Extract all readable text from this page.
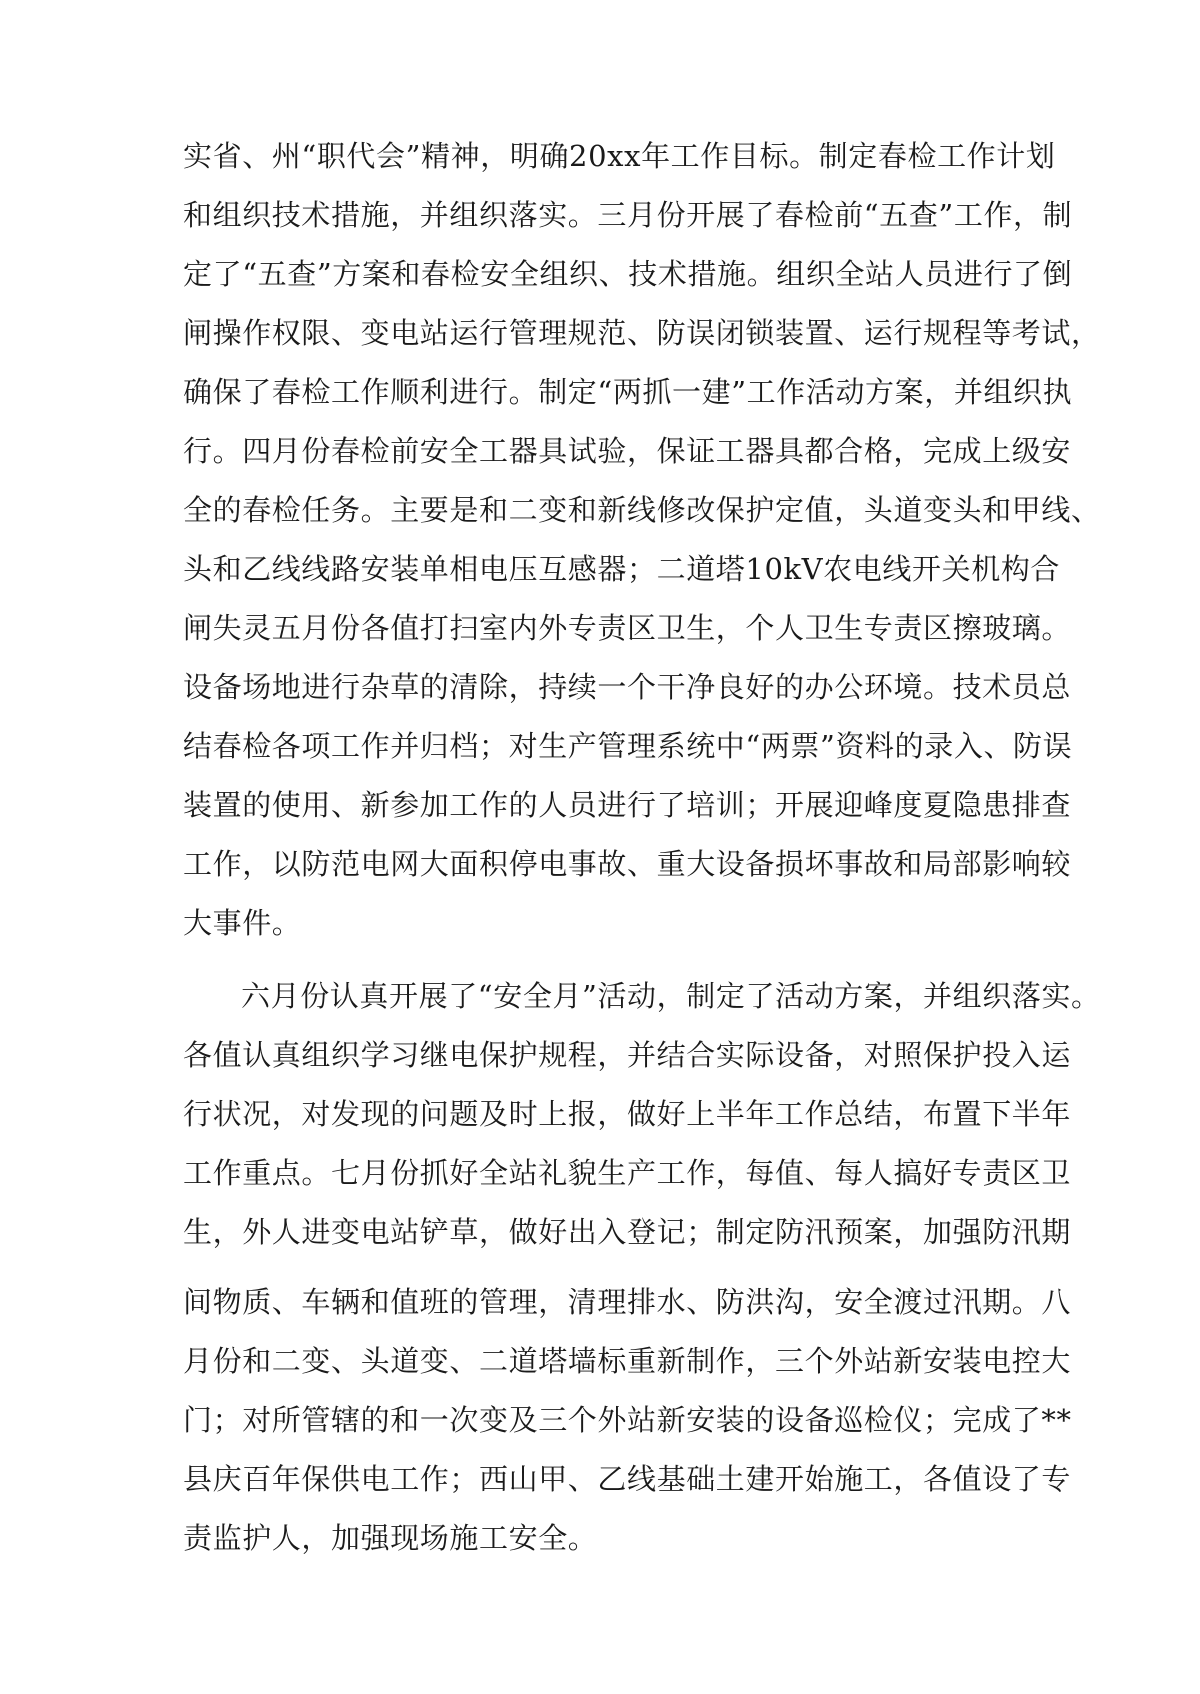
实省、州“职代会”精神，明确20xx年工作目标。制定春检工作计划
和组织技术措施，并组织落实。三月份开展了春检前“五查”工作，制
定了“五查”方案和春检安全组织、技术措施。组织全站人员进行了倒
闸操作权限、变电站运行管理规范、防误闭锁装置、运行规程等考试，
确保了春检工作顺利进行。制定“两抓一建”工作活动方案，并组织执
行。四月份春检前安全工器具试验，保证工器具都合格，完成上级安
全的春检任务。主要是和二变和新线修改保护定值，头道变头和甲线、
头和乙线线路安装单相电压互感器；二道塔10kV农电线开关机构合
闸失灵五月份各值打扫室内外专责区卫生，个人卫生专责区擦玻璃。
设备场地进行杂草的清除，持续一个干净良好的办公环境。技术员总
结春检各项工作并归档；对生产管理系统中“两票”资料的录入、防误
装置的使用、新参加工作的人员进行了培训；开展迎峰度夏隐患排查
工作，以防范电网大面积停电事故、重大设备损坏事故和局部影响较
大事件。
六月份认真开展了“安全月”活动，制定了活动方案，并组织落实。
各值认真组织学习继电保护规程，并结合实际设备，对照保护投入运
行状况，对发现的问题及时上报，做好上半年工作总结，布置下半年
工作重点。七月份抓好全站礼貌生产工作，每值、每人搞好专责区卫
生，外人进变电站铲草，做好出入登记；制定防汛预案，加强防汛期
间物质、车辆和值班的管理，清理排水、防洪沟，安全渡过汛期。八
月份和二变、头道变、二道塔墙标重新制作，三个外站新安装电控大
门；对所管辖的和一次变及三个外站新安装的设备巡检仪；完成了**
县庆百年保供电工作；西山甲、乙线基础土建开始施工，各值设了专
责监护人，加强现场施工安全。
